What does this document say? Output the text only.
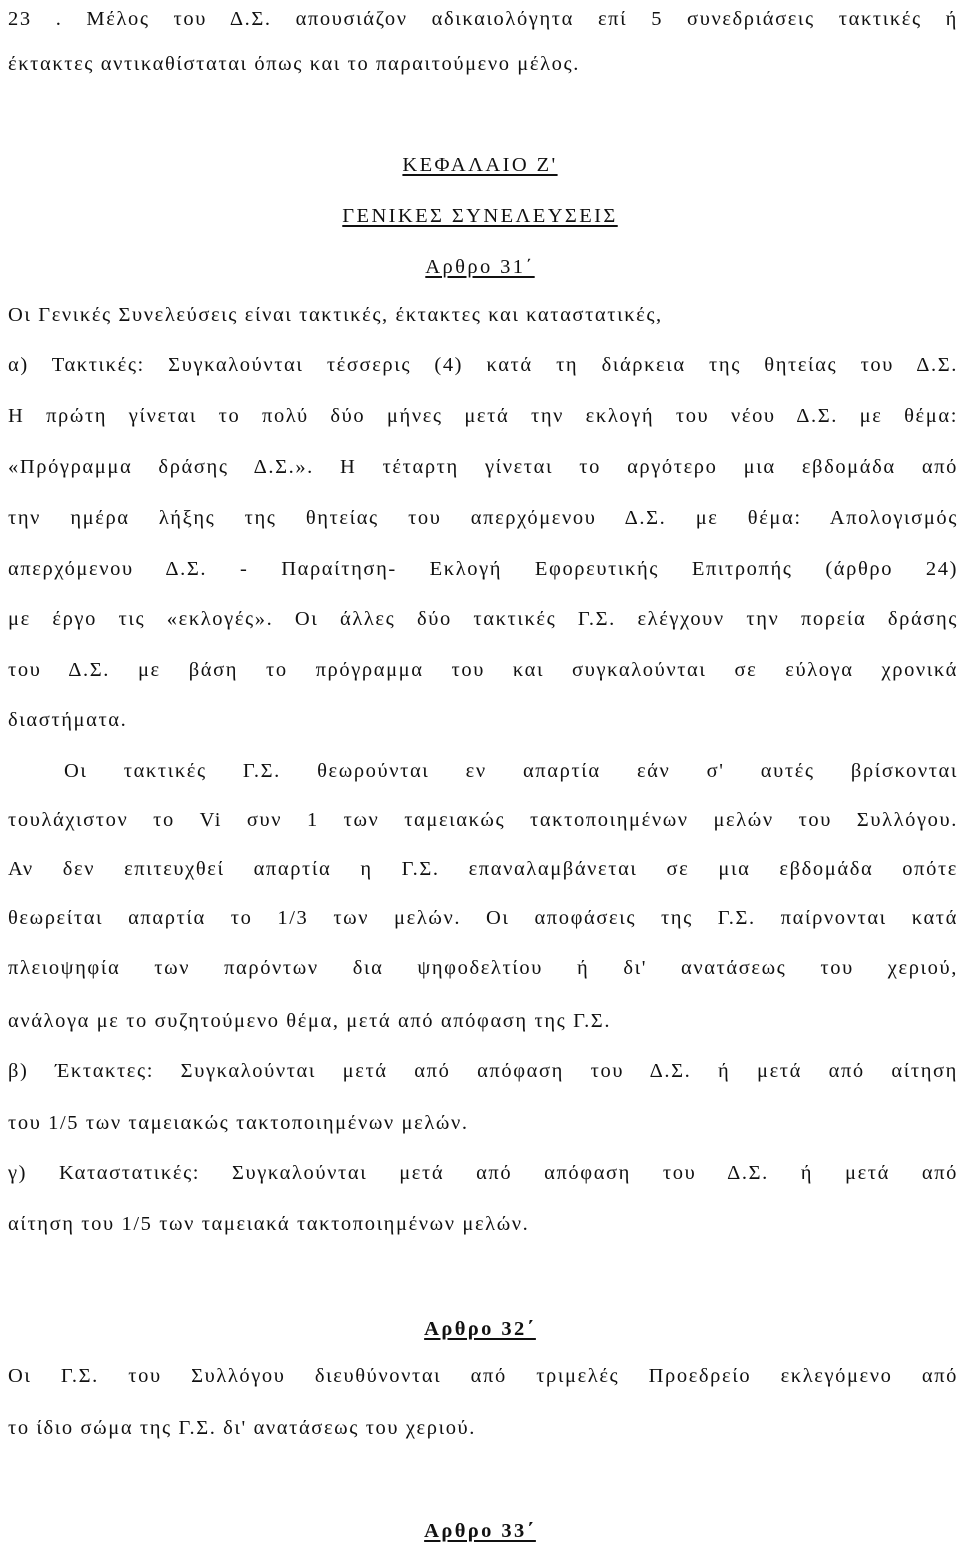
23 . Μέλος του Δ.Σ. απουσιάζον αδικαιολόγητα επί 5 συνεδριάσεις τακτικές ή
έκτακτες αντικαθίσταται όπως και το παραιτούμενο μέλος.
ΚΕΦΑΛΑΙΟ Ζ'
ΓΕΝΙΚΕΣ ΣΥΝΕΛΕΥΣΕΙΣ
Αρθρο 31΄
Οι Γενικές Συνελεύσεις είναι τακτικές, έκτακτες και καταστατικές,
α) Τακτικές: Συγκαλούνται τέσσερις (4) κατά τη διάρκεια της θητείας του Δ.Σ.
Η πρώτη γίνεται το πολύ δύο μήνες μετά την εκλογή του νέου Δ.Σ. με θέμα:
«Πρόγραμμα δράσης Δ.Σ.». Η τέταρτη γίνεται το αργότερο μια εβδομάδα από
την ημέρα λήξης της θητείας του απερχόμενου Δ.Σ. με θέμα: Απολογισμός
απερχόμενου Δ.Σ. - Παραίτηση- Εκλογή Εφορευτικής Επιτροπής (άρθρο 24)
με έργο τις «εκλογές». Οι άλλες δύο τακτικές Γ.Σ. ελέγχουν την πορεία δράσης
του Δ.Σ. με βάση το πρόγραμμα του και συγκαλούνται σε εύλογα χρονικά
διαστήματα.
Οι τακτικές Γ.Σ. θεωρούνται εν απαρτία εάν σ' αυτές βρίσκονται
τουλάχιστον το Vi συν 1 των ταμειακώς τακτοποιημένων μελών του Συλλόγου.
Αν δεν επιτευχθεί απαρτία η Γ.Σ. επαναλαμβάνεται σε μια εβδομάδα οπότε
θεωρείται απαρτία το 1/3 των μελών. Οι αποφάσεις της Γ.Σ. παίρνονται κατά
πλειοψηφία των παρόντων δια ψηφοδελτίου ή δι' ανατάσεως του χεριού,
ανάλογα με το συζητούμενο θέμα, μετά από απόφαση της Γ.Σ.
β) Έκτακτες: Συγκαλούνται μετά από απόφαση του Δ.Σ. ή μετά από αίτηση
του 1/5 των ταμειακώς τακτοποιημένων μελών.
γ) Καταστατικές: Συγκαλούνται μετά από απόφαση του Δ.Σ. ή μετά από
αίτηση του 1/5 των ταμειακά τακτοποιημένων μελών.
Αρθρο 32΄
Οι Γ.Σ. του Συλλόγου διευθύνονται από τριμελές Προεδρείο εκλεγόμενο από
το ίδιο σώμα της Γ.Σ. δι' ανατάσεως του χεριού.
Αρθρο 33΄
